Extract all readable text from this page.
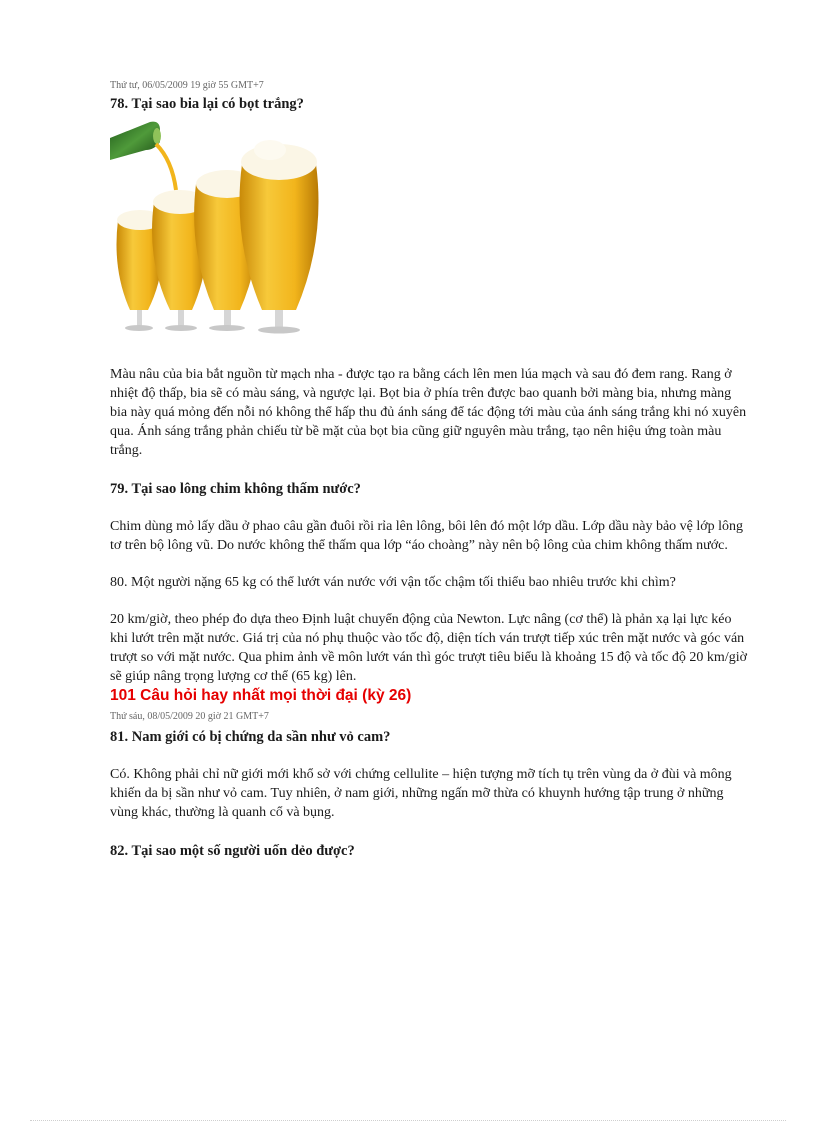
Thứ tư, 06/05/2009 19 giờ 55 GMT+7

78. Tại sao bia lại có bọt trắng?

Màu nâu của bia bắt nguồn từ mạch nha - được tạo ra bằng cách lên men lúa mạch và sau đó đem rang. Rang ở nhiệt độ thấp, bia sẽ có màu sáng, và ngược lại. Bọt bia ở phía trên được bao quanh bởi màng bia, nhưng màng bia này quá mỏng đến nỗi nó không thể hấp thu đủ ánh sáng để tác động tới màu của ánh sáng trắng khi nó xuyên qua. Ánh sáng trắng phản chiếu từ bề mặt của bọt bia cũng giữ nguyên màu trắng, tạo nên hiệu ứng toàn màu trắng.

79. Tại sao lông chim không thấm nước?

Chim dùng mỏ lấy dầu ở phao câu gần đuôi rồi rỉa lên lông, bôi lên đó một lớp dầu. Lớp dầu này bảo vệ lớp lông tơ trên bộ lông vũ. Do nước không thể thấm qua lớp “áo choàng” này nên bộ lông của chim không thấm nước.

80. Một người nặng 65 kg có thể lướt ván nước với vận tốc chậm tối thiểu bao nhiêu trước khi chìm?

20 km/giờ, theo phép đo dựa theo Định luật chuyển động của Newton. Lực nâng (cơ thể) là phản xạ lại lực kéo khi lướt trên mặt nước. Giá trị của nó phụ thuộc vào tốc độ, diện tích ván trượt tiếp xúc trên mặt nước và góc ván trượt so với mặt nước. Qua phim ảnh về môn lướt ván thì góc trượt tiêu biểu là khoảng 15 độ và tốc độ 20 km/giờ sẽ giúp nâng trọng lượng cơ thể (65 kg) lên.

101 Câu hỏi hay nhất mọi thời đại (kỳ 26)

Thứ sáu, 08/05/2009 20 giờ 21 GMT+7

81. Nam giới có bị chứng da sần như vỏ cam?

Có. Không phải chỉ nữ giới mới khổ sở với chứng cellulite – hiện tượng mỡ tích tụ trên vùng da ở đùi và mông khiến da bị sần như vỏ cam. Tuy nhiên, ở nam giới, những ngấn mỡ thừa có khuynh hướng tập trung ở những vùng khác, thường là quanh cổ và bụng.

82. Tại sao một số người uốn dẻo được?
